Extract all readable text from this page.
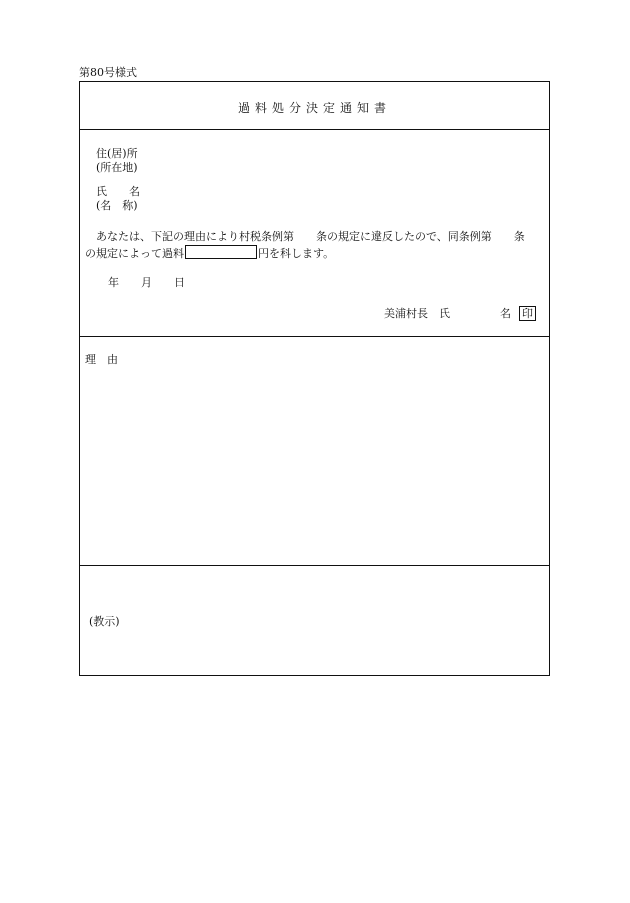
第80号様式
過料処分決定通知書
住(居)所
(所在地)
氏　　名
(名　称)
あなたは、下記の理由により村税条例第　　条の規定に違反したので、同条例第　　条
の規定によって過料	円を科します。
年　　月　　日
美浦村長　氏	名 印
理　由
(教示)
